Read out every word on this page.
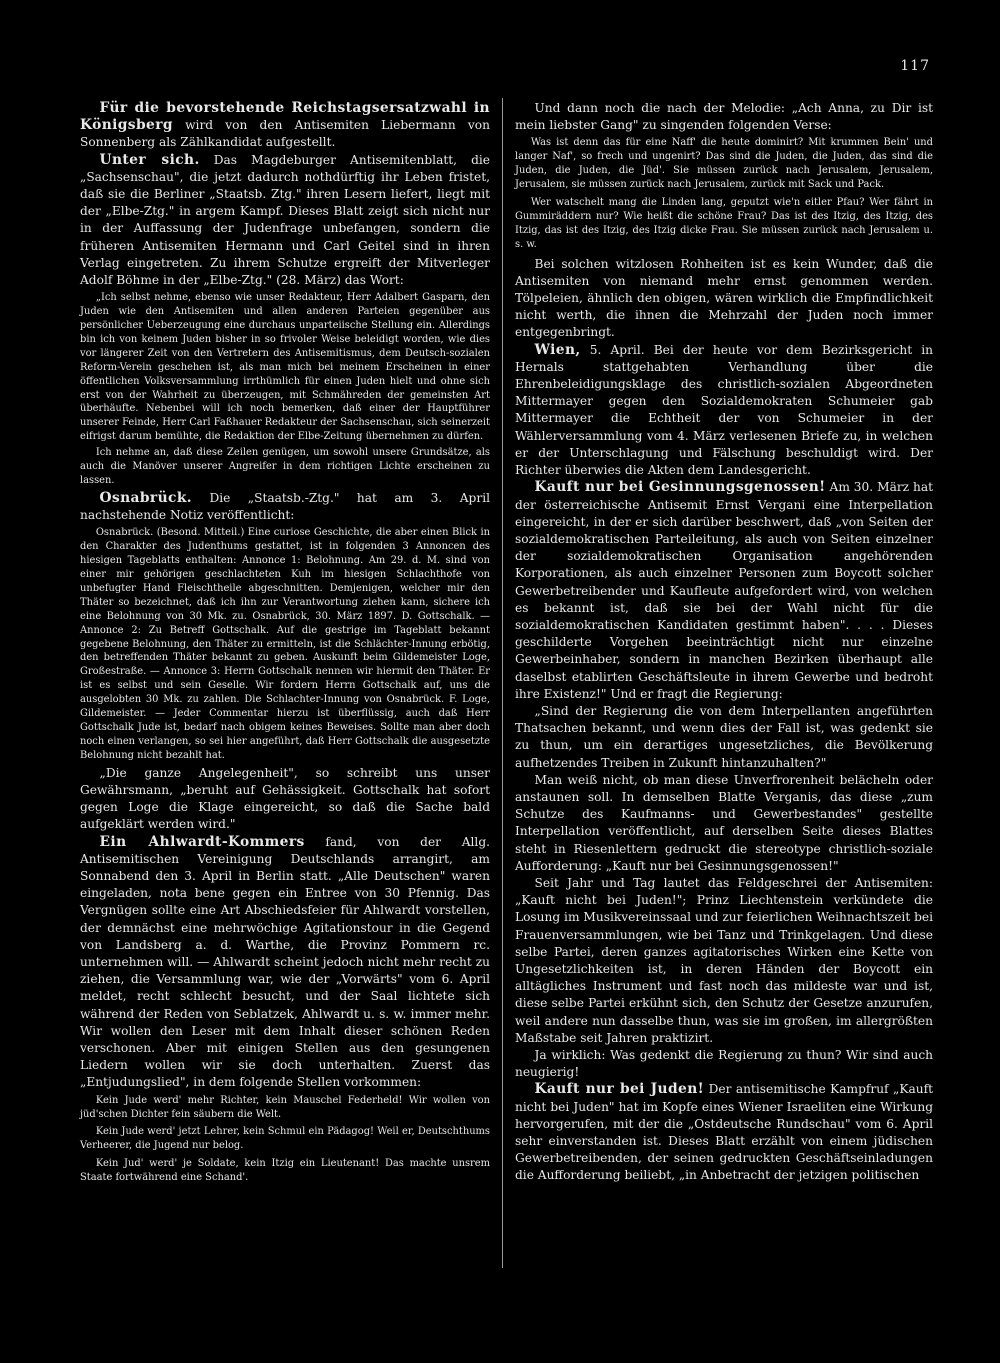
117

Für die bevorstehende Reichstagsersatzwahl in Königsberg wird von den Antisemiten Liebermann von Sonnenberg als Zählkandidat aufgestellt.

Unter sich. Das Magdeburger Antisemitenblatt, die „Sachsenschau", die jetzt dadurch nothdürftig ihr Leben fristet, daß sie die Berliner „Staatsb. Ztg." ihren Lesern liefert, liegt mit der „Elbe-Ztg." in argem Kampf. Dieses Blatt zeigt sich nicht nur in der Auffassung der Judenfrage unbefangen, sondern die früheren Antisemiten Hermann und Carl Geitel sind in ihren Verlag eingetreten. Zu ihrem Schutze ergreift der Mitverleger Adolf Böhme in der „Elbe-Ztg." (28. März) das Wort:

„Ich selbst nehme, ebenso wie unser Redakteur, Herr Adalbert Gasparn, den Juden wie den Antisemiten und allen anderen Parteien gegenüber aus persönlicher Ueberzeugung eine durchaus unparteiische Stellung ein. Allerdings bin ich von keinem Juden bisher in so frivoler Weise beleidigt worden, wie dies vor längerer Zeit von den Vertretern des Antisemitismus, dem Deutsch-sozialen Reform-Verein geschehen ist, als man mich bei meinem Erscheinen in einer öffentlichen Volksversammlung irrthümlich für einen Juden hielt und ohne sich erst von der Wahrheit zu überzeugen, mit Schmähreden der gemeinsten Art überhäufte. Nebenbei will ich noch bemerken, daß einer der Hauptführer unserer Feinde, Herr Carl Faßhauer Redakteur der Sachsenschau, sich seinerzeit eifrigst darum bemühte, die Redaktion der Elbe-Zeitung übernehmen zu dürfen.

Ich nehme an, daß diese Zeilen genügen, um sowohl unsere Grundsätze, als auch die Manöver unserer Angreifer in dem richtigen Lichte erscheinen zu lassen.

Osnabrück. Die „Staatsb.-Ztg." hat am 3. April nachstehende Notiz veröffentlicht:

Osnabrück. (Besond. Mitteil.) Eine curiose Geschichte, die aber einen Blick in den Charakter des Judenthums gestattet, ist in folgenden 3 Annoncen des hiesigen Tageblatts enthalten: Annonce 1: Belohnung. Am 29. d. M. sind von einer mir gehörigen geschlachteten Kuh im hiesigen Schlachthofe von unbefugter Hand Fleischtheile abgeschnitten. Demjenigen, welcher mir den Thäter so bezeichnet, daß ich ihn zur Verantwortung ziehen kann, sichere ich eine Belohnung von 30 Mk. zu. Osnabrück, 30. März 1897. D. Gottschalk. — Annonce 2: Zu Betreff Gottschalk. Auf die gestrige im Tageblatt bekannt gegebene Belohnung, den Thäter zu ermitteln, ist die Schlächter-Innung erbötig, den betreffenden Thäter bekannt zu geben. Auskunft beim Gildemeister Loge, Großestraße. — Annonce 3: Herrn Gottschalk nennen wir hiermit den Thäter. Er ist es selbst und sein Geselle. Wir fordern Herrn Gottschalk auf, uns die ausgelobten 30 Mk. zu zahlen. Die Schlachter-Innung von Osnabrück. F. Loge, Gildemeister. — Jeder Commentar hierzu ist überflüssig, auch daß Herr Gottschalk Jude ist, bedarf nach obigem keines Beweises. Sollte man aber doch noch einen verlangen, so sei hier angeführt, daß Herr Gottschalk die ausgesetzte Belohnung nicht bezahlt hat.

„Die ganze Angelegenheit", so schreibt uns unser Gewährsmann, „beruht auf Gehässigkeit. Gottschalk hat sofort gegen Loge die Klage eingereicht, so daß die Sache bald aufgeklärt werden wird."

Ein Ahlwardt-Kommers fand, von der Allg. Antisemitischen Vereinigung Deutschlands arrangirt, am Sonnabend den 3. April in Berlin statt. „Alle Deutschen" waren eingeladen, nota bene gegen ein Entree von 30 Pfennig. Das Vergnügen sollte eine Art Abschiedsfeier für Ahlwardt vorstellen, der demnächst eine mehrwöchige Agitationstour in die Gegend von Landsberg a. d. Warthe, die Provinz Pommern rc. unternehmen will. — Ahlwardt scheint jedoch nicht mehr recht zu ziehen, die Versammlung war, wie der „Vorwärts" vom 6. April meldet, recht schlecht besucht, und der Saal lichtete sich während der Reden von Seblatzek, Ahlwardt u. s. w. immer mehr. Wir wollen den Leser mit dem Inhalt dieser schönen Reden verschonen. Aber mit einigen Stellen aus den gesungenen Liedern wollen wir sie doch unterhalten. Zuerst das „Entjudungslied", in dem folgende Stellen vorkommen:

Kein Jude werd' mehr Richter, kein Mauschel Federheld! Wir wollen von jüd'schen Dichter fein säubern die Welt.

Kein Jude werd' jetzt Lehrer, kein Schmul ein Pädagog! Weil er, Deutschthums Verheerer, die Jugend nur belog.

Kein Jud' werd' je Soldate, kein Itzig ein Lieutenant! Das machte unsrem Staate fortwährend eine Schand'.

Und dann noch die nach der Melodie: „Ach Anna, zu Dir ist mein liebster Gang" zu singenden folgenden Verse:

Was ist denn das für eine Naff' die heute dominirt? Mit krummen Bein' und langer Naf', so frech und ungenirt? Das sind die Juden, die Juden, das sind die Juden, die Juden, die Jüd'. Sie müssen zurück nach Jerusalem, Jerusalem, Jerusalem, sie müssen zurück nach Jerusalem, zurück mit Sack und Pack.

Wer watschelt mang die Linden lang, geputzt wie'n eitler Pfau? Wer fährt in Gummiräddern nur? Wie heißt die schöne Frau? Das ist des Itzig, des Itzig, des Itzig, das ist des Itzig, des Itzig dicke Frau. Sie müssen zurück nach Jerusalem u. s. w.

Bei solchen witzlosen Rohheiten ist es kein Wunder, daß die Antisemiten von niemand mehr ernst genommen werden. Tölpeleien, ähnlich den obigen, wären wirklich die Empfindlichkeit nicht werth, die ihnen die Mehrzahl der Juden noch immer entgegenbringt.

Wien, 5. April. Bei der heute vor dem Bezirksgericht in Hernals stattgehabten Verhandlung über die Ehrenbeleidigungsklage des christlich-sozialen Abgeordneten Mittermayer gegen den Sozialdemokraten Schumeier gab Mittermayer die Echtheit der von Schumeier in der Wählerversammlung vom 4. März verlesenen Briefe zu, in welchen er der Unterschlagung und Fälschung beschuldigt wird. Der Richter überwies die Akten dem Landesgericht.

Kauft nur bei Gesinnungsgenossen! Am 30. März hat der österreichische Antisemit Ernst Vergani eine Interpellation eingereicht, in der er sich darüber beschwert, daß „von Seiten der sozialdemokratischen Parteileitung, als auch von Seiten einzelner der sozialdemokratischen Organisation angehörenden Korporationen, als auch einzelner Personen zum Boycott solcher Gewerbetreibender und Kaufleute aufgefordert wird, von welchen es bekannt ist, daß sie bei der Wahl nicht für die sozialdemokratischen Kandidaten gestimmt haben". . . . Dieses geschilderte Vorgehen beeinträchtigt nicht nur einzelne Gewerbeinhaber, sondern in manchen Bezirken überhaupt alle daselbst etablirten Geschäftsleute in ihrem Gewerbe und bedroht ihre Existenz!" Und er fragt die Regierung:

„Sind der Regierung die von dem Interpellanten angeführten Thatsachen bekannt, und wenn dies der Fall ist, was gedenkt sie zu thun, um ein derartiges ungesetzliches, die Bevölkerung aufhetzendes Treiben in Zukunft hintanzuhalten?"

Man weiß nicht, ob man diese Unverfrorenheit belächeln oder anstaunen soll. In demselben Blatte Verganis, das diese „zum Schutze des Kaufmanns- und Gewerbestandes" gestellte Interpellation veröffentlicht, auf derselben Seite dieses Blattes steht in Riesenlettern gedruckt die stereotype christlich-soziale Aufforderung: „Kauft nur bei Gesinnungsgenossen!"

Seit Jahr und Tag lautet das Feldgeschrei der Antisemiten: „Kauft nicht bei Juden!"; Prinz Liechtenstein verkündete die Losung im Musikvereinssaal und zur feierlichen Weihnachtszeit bei Frauenversammlungen, wie bei Tanz und Trinkgelagen. Und diese selbe Partei, deren ganzes agitatorisches Wirken eine Kette von Ungesetzlichkeiten ist, in deren Händen der Boycott ein alltägliches Instrument und fast noch das mildeste war und ist, diese selbe Partei erkühnt sich, den Schutz der Gesetze anzurufen, weil andere nun dasselbe thun, was sie im großen, im allergrößten Maßstabe seit Jahren praktizirt.

Ja wirklich: Was gedenkt die Regierung zu thun? Wir sind auch neugierig!

Kauft nur bei Juden! Der antisemitische Kampfruf „Kauft nicht bei Juden" hat im Kopfe eines Wiener Israeliten eine Wirkung hervorgerufen, mit der die „Ostdeutsche Rundschau" vom 6. April sehr einverstanden ist. Dieses Blatt erzählt von einem jüdischen Gewerbetreibenden, der seinen gedruckten Geschäftseinladungen die Aufforderung beiliebt, „in Anbetracht der jetzigen politischen
